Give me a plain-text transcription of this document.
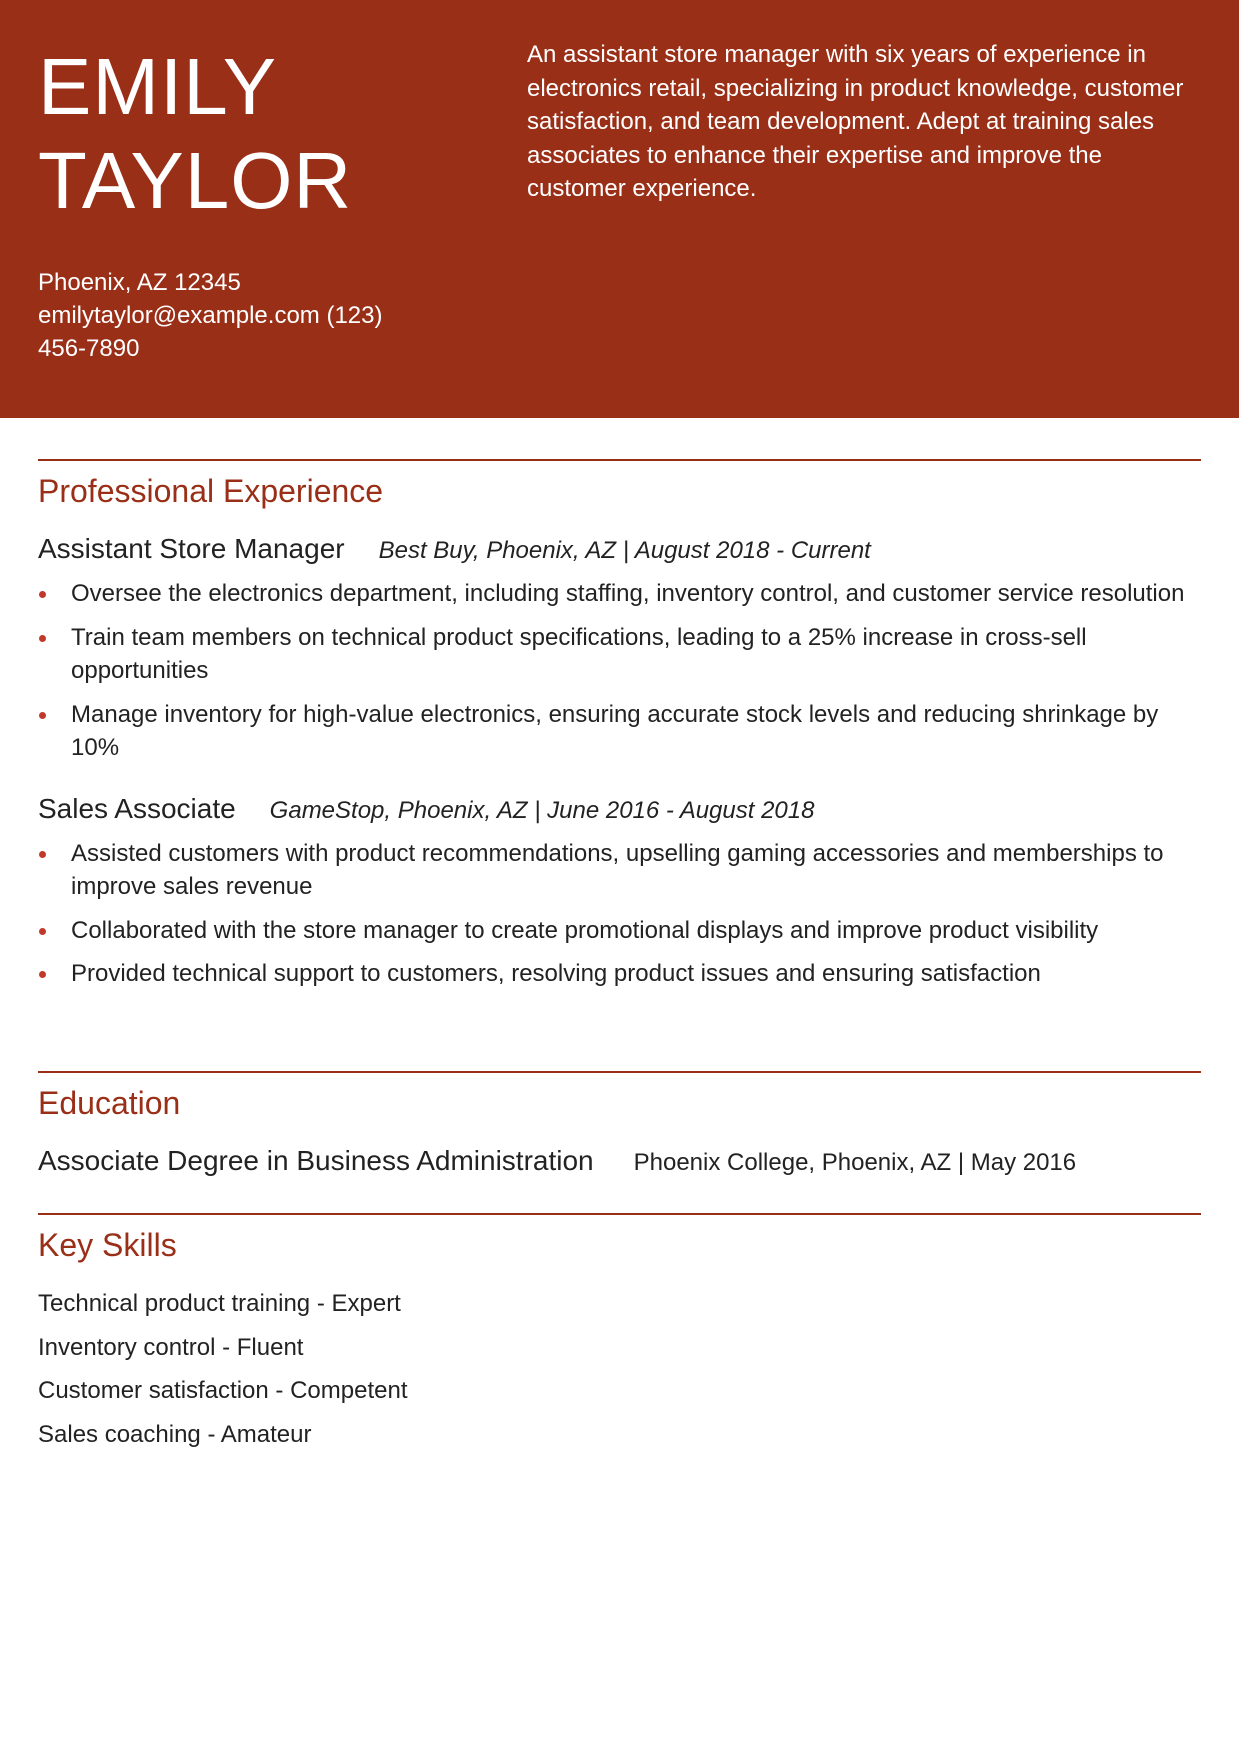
EMILY
TAYLOR
Phoenix, AZ 12345
emilytaylor@example.com (123)
456-7890
An assistant store manager with six years of experience in electronics retail, specializing in product knowledge, customer satisfaction, and team development. Adept at training sales associates to enhance their expertise and improve the customer experience.
Professional Experience
Assistant Store Manager Best Buy, Phoenix, AZ | August 2018 - Current
Oversee the electronics department, including staffing, inventory control, and customer service resolution
Train team members on technical product specifications, leading to a 25% increase in cross-sell opportunities
Manage inventory for high-value electronics, ensuring accurate stock levels and reducing shrinkage by 10%
Sales Associate GameStop, Phoenix, AZ | June 2016 - August 2018
Assisted customers with product recommendations, upselling gaming accessories and memberships to improve sales revenue
Collaborated with the store manager to create promotional displays and improve product visibility
Provided technical support to customers, resolving product issues and ensuring satisfaction
Education
Associate Degree in Business Administration Phoenix College, Phoenix, AZ | May 2016
Key Skills
Technical product training - Expert
Inventory control - Fluent
Customer satisfaction - Competent
Sales coaching - Amateur
